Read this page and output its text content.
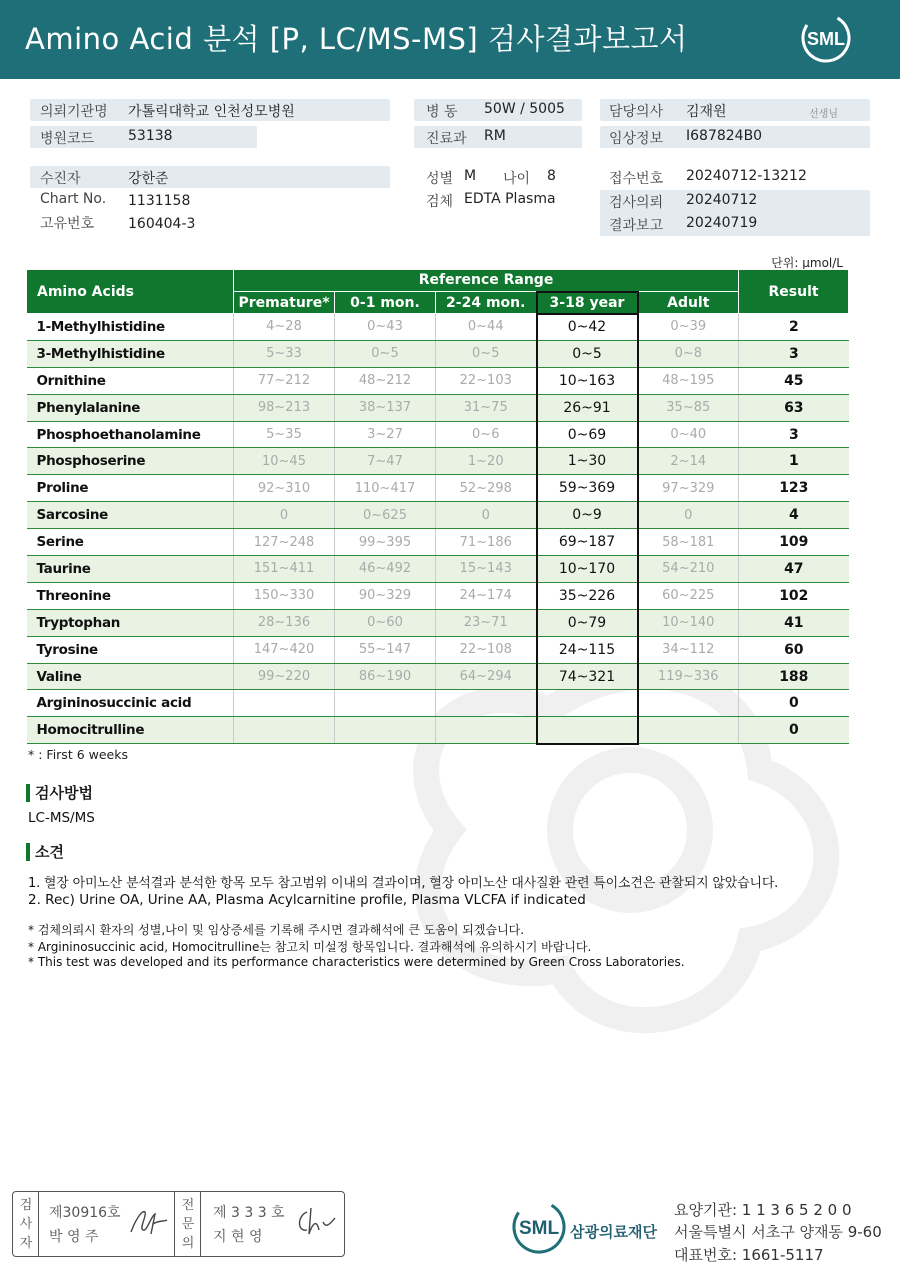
Amino Acid 분석 [P, LC/MS-MS] 검사결과보고서	SML
의뢰기관명 가톨릭대학교 인천성모병원
병원코드 53138
수진자	강한준
Chart No. 1131158
고유번호 160404-3
병 동 50W / 5005
진료과 RM
성별 M 나이 8
검체 EDTA Plasma
담당의사 김재원	선생님
임상정보 I687824B0
접수번호 20240712-13212
검사의뢰 20240712
결과보고 20240719
단위: μmol/L
Amino Acids	Reference Range					Result
	Premature*	0-1 mon.	2-24 mon.	3-18 year	Adult	
1-Methylhistidine	4~28	0~43	0~44	0~42	0~39	2
3-Methylhistidine	5~33	0~5	0~5	0~5	0~8	3
Ornithine	77~212	48~212	22~103	10~163	48~195	45
Phenylalanine	98~213	38~137	31~75	26~91	35~85	63
Phosphoethanolamine	5~35	3~27	0~6	0~69	0~40	3
Phosphoserine	10~45	7~47	1~20	1~30	2~14	1
Proline	92~310	110~417	52~298	59~369	97~329	123
Sarcosine	0	0~625	0	0~9	0	4
Serine	127~248	99~395	71~186	69~187	58~181	109
Taurine	151~411	46~492	15~143	10~170	54~210	47
Threonine	150~330	90~329	24~174	35~226	60~225	102
Tryptophan	28~136	0~60	23~71	0~79	10~140	41
Tyrosine	147~420	55~147	22~108	24~115	34~112	60
Valine	99~220	86~190	64~294	74~321	119~336	188
Argininosuccinic acid						0
Homocitrulline						0
* : First 6 weeks
검사방법
LC-MS/MS
소견
1. 혈장 아미노산 분석결과 분석한 항목 모두 참고범위 이내의 결과이며, 혈장 아미노산 대사질환 관련 특이소견은 관찰되지 않았습니다.
2. Rec) Urine OA, Urine AA, Plasma Acylcarnitine profile, Plasma VLCFA if indicated
* 검체의뢰시 환자의 성별,나이 및 임상증세를 기록해 주시면 결과해석에 큰 도움이 되겠습니다.
* Argininosuccinic acid, Homocitrulline는 참고치 미설정 항목입니다. 결과해석에 유의하시기 바랍니다.
* This test was developed and its performance characteristics were determined by Green Cross Laboratories.
검
사
자
제30916호
박 영 주
전
문
의
제 3 3 3 호
지 현 영	SML 삼광의료재단
요양기관: 1 1 3 6 5 2 0 0
서울특별시 서초구 양재동 9-60
대표번호: 1661-5117
